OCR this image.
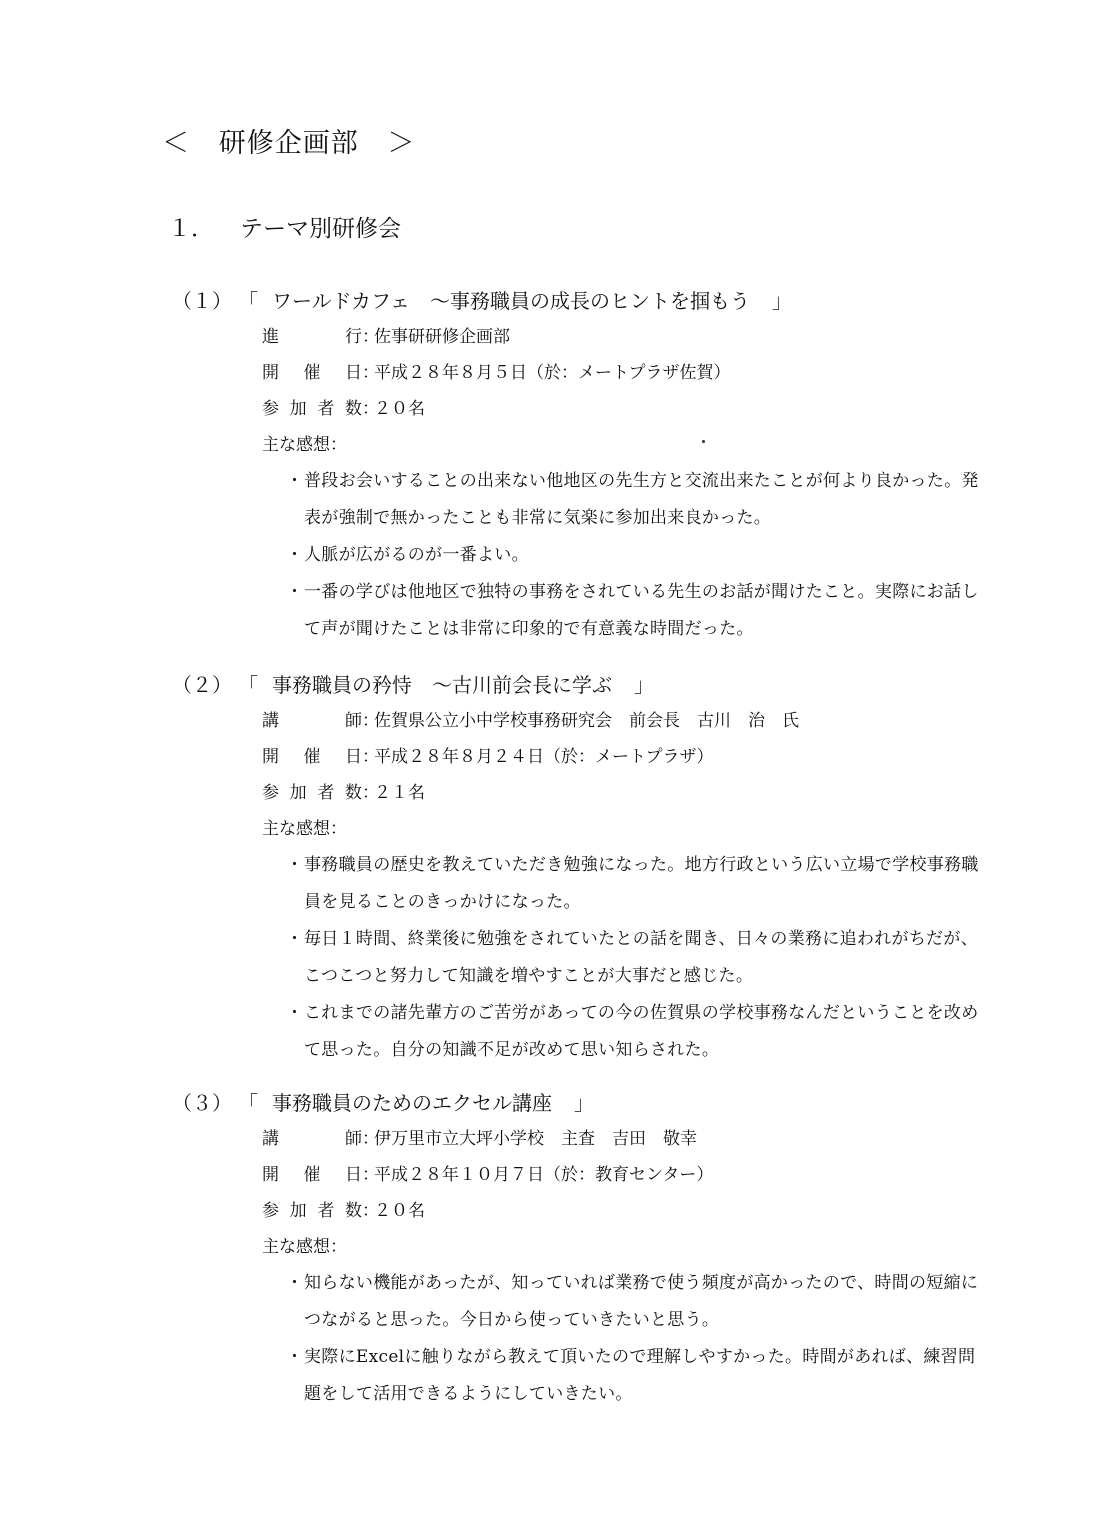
＜ 研修企画部 ＞
１． テーマ別研修会
（１） 「 ワールドカフェ　～事務職員の成長のヒントを掴もう 」
進行：佐事研研修企画部
開催日：平成２８年８月５日（於：メートプラザ佐賀）
参加者数：２０名
主な感想：
・普段お会いすることの出来ない他地区の先生方と交流出来たことが何より良かった。発表が強制で無かったことも非常に気楽に参加出来良かった。
・人脈が広がるのが一番よい。
・一番の学びは他地区で独特の事務をされている先生のお話が聞けたこと。実際にお話して声が聞けたことは非常に印象的で有意義な時間だった。
（２） 「 事務職員の矜恃　～古川前会長に学ぶ 」
講師：佐賀県公立小中学校事務研究会　前会長　古川　治　氏
開催日：平成２８年８月２４日（於：メートプラザ）
参加者数：２１名
主な感想：
・事務職員の歴史を教えていただき勉強になった。地方行政という広い立場で学校事務職員を見ることのきっかけになった。
・毎日１時間、終業後に勉強をされていたとの話を聞き、日々の業務に追われがちだが、こつこつと努力して知識を増やすことが大事だと感じた。
・これまでの諸先輩方のご苦労があっての今の佐賀県の学校事務なんだということを改めて思った。自分の知識不足が改めて思い知らされた。
（３） 「 事務職員のためのエクセル講座 」
講師：伊万里市立大坪小学校　主査　吉田　敬幸
開催日：平成２８年１０月７日（於：教育センター）
参加者数：２０名
主な感想：
・知らない機能があったが、知っていれば業務で使う頻度が高かったので、時間の短縮につながると思った。今日から使っていきたいと思う。
・実際にExcelに触りながら教えて頂いたので理解しやすかった。時間があれば、練習問題をして活用できるようにしていきたい。
